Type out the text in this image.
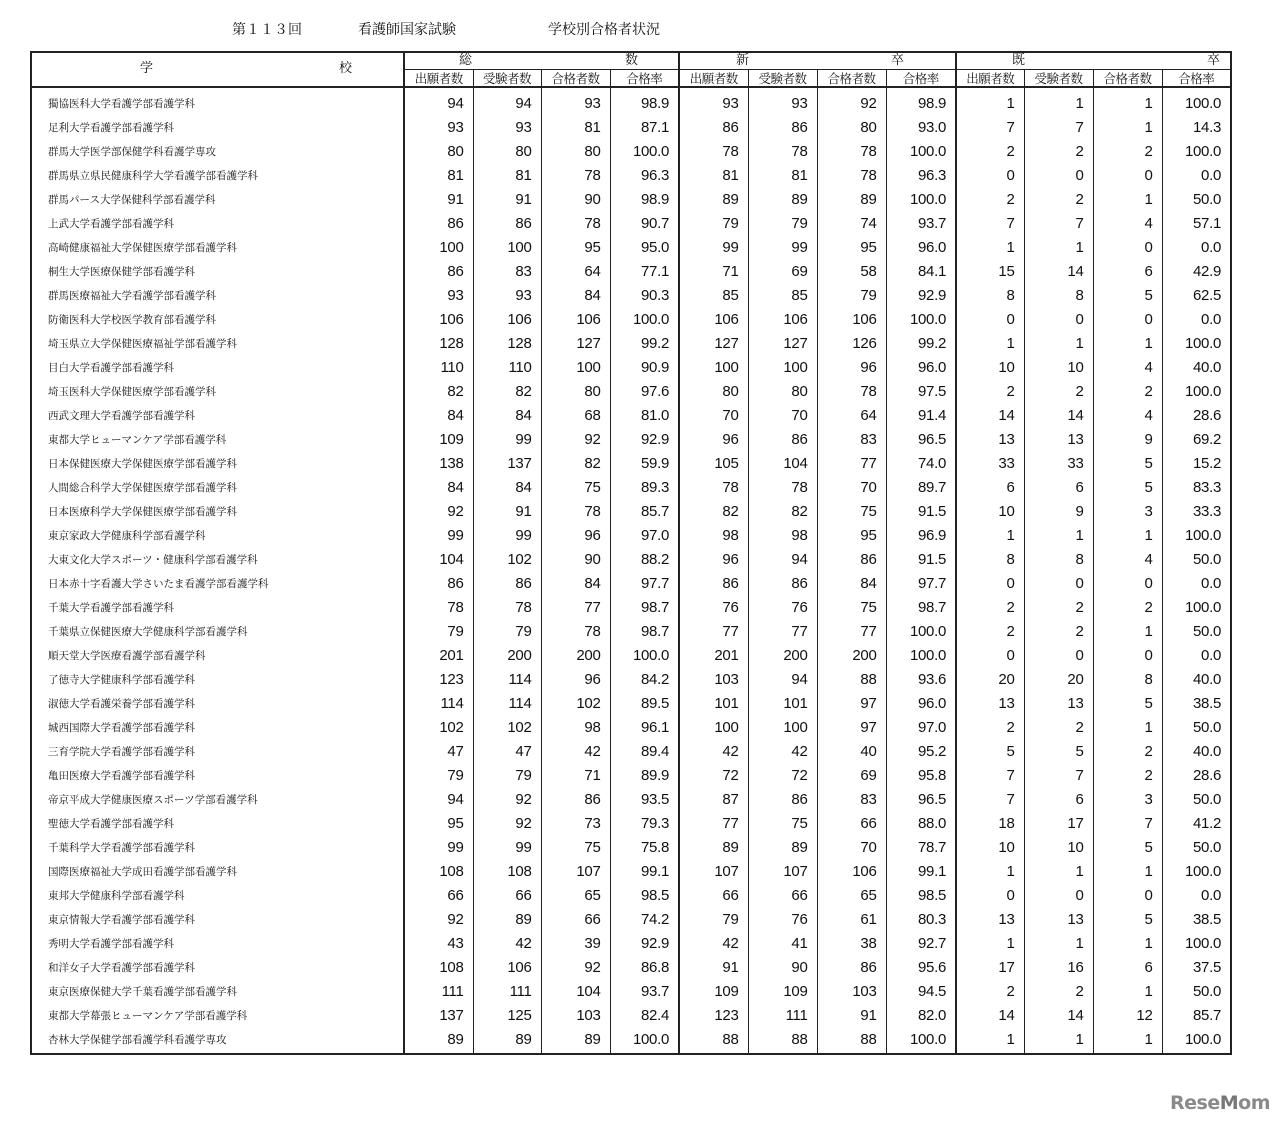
第１１３回	看護師国家試験	学校別合格者状況
学 校	総 数				新 卒				既 卒			

	出願者数	受験者数	合格者数	合格率	出願者数	受験者数	合格者数	合格率	出願者数	受験者数	合格者数	合格率
獨協医科大学看護学部看護学科	94	94	93	98.9	93	93	92	98.9	1	1	1	100.0
足利大学看護学部看護学科	93	93	81	87.1	86	86	80	93.0	7	7	1	14.3
群馬大学医学部保健学科看護学専攻	80	80	80	100.0	78	78	78	100.0	2	2	2	100.0
群馬県立県民健康科学大学看護学部看護学科	81	81	78	96.3	81	81	78	96.3	0	0	0	0.0
群馬パース大学保健科学部看護学科	91	91	90	98.9	89	89	89	100.0	2	2	1	50.0
上武大学看護学部看護学科	86	86	78	90.7	79	79	74	93.7	7	7	4	57.1
高崎健康福祉大学保健医療学部看護学科	100	100	95	95.0	99	99	95	96.0	1	1	0	0.0
桐生大学医療保健学部看護学科	86	83	64	77.1	71	69	58	84.1	15	14	6	42.9
群馬医療福祉大学看護学部看護学科	93	93	84	90.3	85	85	79	92.9	8	8	5	62.5
防衛医科大学校医学教育部看護学科	106	106	106	100.0	106	106	106	100.0	0	0	0	0.0
埼玉県立大学保健医療福祉学部看護学科	128	128	127	99.2	127	127	126	99.2	1	1	1	100.0
目白大学看護学部看護学科	110	110	100	90.9	100	100	96	96.0	10	10	4	40.0
埼玉医科大学保健医療学部看護学科	82	82	80	97.6	80	80	78	97.5	2	2	2	100.0
西武文理大学看護学部看護学科	84	84	68	81.0	70	70	64	91.4	14	14	4	28.6
東都大学ヒューマンケア学部看護学科	109	99	92	92.9	96	86	83	96.5	13	13	9	69.2
日本保健医療大学保健医療学部看護学科	138	137	82	59.9	105	104	77	74.0	33	33	5	15.2
人間総合科学大学保健医療学部看護学科	84	84	75	89.3	78	78	70	89.7	6	6	5	83.3
日本医療科学大学保健医療学部看護学科	92	91	78	85.7	82	82	75	91.5	10	9	3	33.3
東京家政大学健康科学部看護学科	99	99	96	97.0	98	98	95	96.9	1	1	1	100.0
大東文化大学スポーツ・健康科学部看護学科	104	102	90	88.2	96	94	86	91.5	8	8	4	50.0
日本赤十字看護大学さいたま看護学部看護学科	86	86	84	97.7	86	86	84	97.7	0	0	0	0.0
千葉大学看護学部看護学科	78	78	77	98.7	76	76	75	98.7	2	2	2	100.0
千葉県立保健医療大学健康科学部看護学科	79	79	78	98.7	77	77	77	100.0	2	2	1	50.0
順天堂大学医療看護学部看護学科	201	200	200	100.0	201	200	200	100.0	0	0	0	0.0
了徳寺大学健康科学部看護学科	123	114	96	84.2	103	94	88	93.6	20	20	8	40.0
淑徳大学看護栄養学部看護学科	114	114	102	89.5	101	101	97	96.0	13	13	5	38.5
城西国際大学看護学部看護学科	102	102	98	96.1	100	100	97	97.0	2	2	1	50.0
三育学院大学看護学部看護学科	47	47	42	89.4	42	42	40	95.2	5	5	2	40.0
亀田医療大学看護学部看護学科	79	79	71	89.9	72	72	69	95.8	7	7	2	28.6
帝京平成大学健康医療スポーツ学部看護学科	94	92	86	93.5	87	86	83	96.5	7	6	3	50.0
聖徳大学看護学部看護学科	95	92	73	79.3	77	75	66	88.0	18	17	7	41.2
千葉科学大学看護学部看護学科	99	99	75	75.8	89	89	70	78.7	10	10	5	50.0
国際医療福祉大学成田看護学部看護学科	108	108	107	99.1	107	107	106	99.1	1	1	1	100.0
東邦大学健康科学部看護学科	66	66	65	98.5	66	66	65	98.5	0	0	0	0.0
東京情報大学看護学部看護学科	92	89	66	74.2	79	76	61	80.3	13	13	5	38.5
秀明大学看護学部看護学科	43	42	39	92.9	42	41	38	92.7	1	1	1	100.0
和洋女子大学看護学部看護学科	108	106	92	86.8	91	90	86	95.6	17	16	6	37.5
東京医療保健大学千葉看護学部看護学科	111	111	104	93.7	109	109	103	94.5	2	2	1	50.0
東都大学幕張ヒューマンケア学部看護学科	137	125	103	82.4	123	111	91	82.0	14	14	12	85.7
杏林大学保健学部看護学科看護学専攻	89	89	89	100.0	88	88	88	100.0	1	1	1	100.0
ReseMom
